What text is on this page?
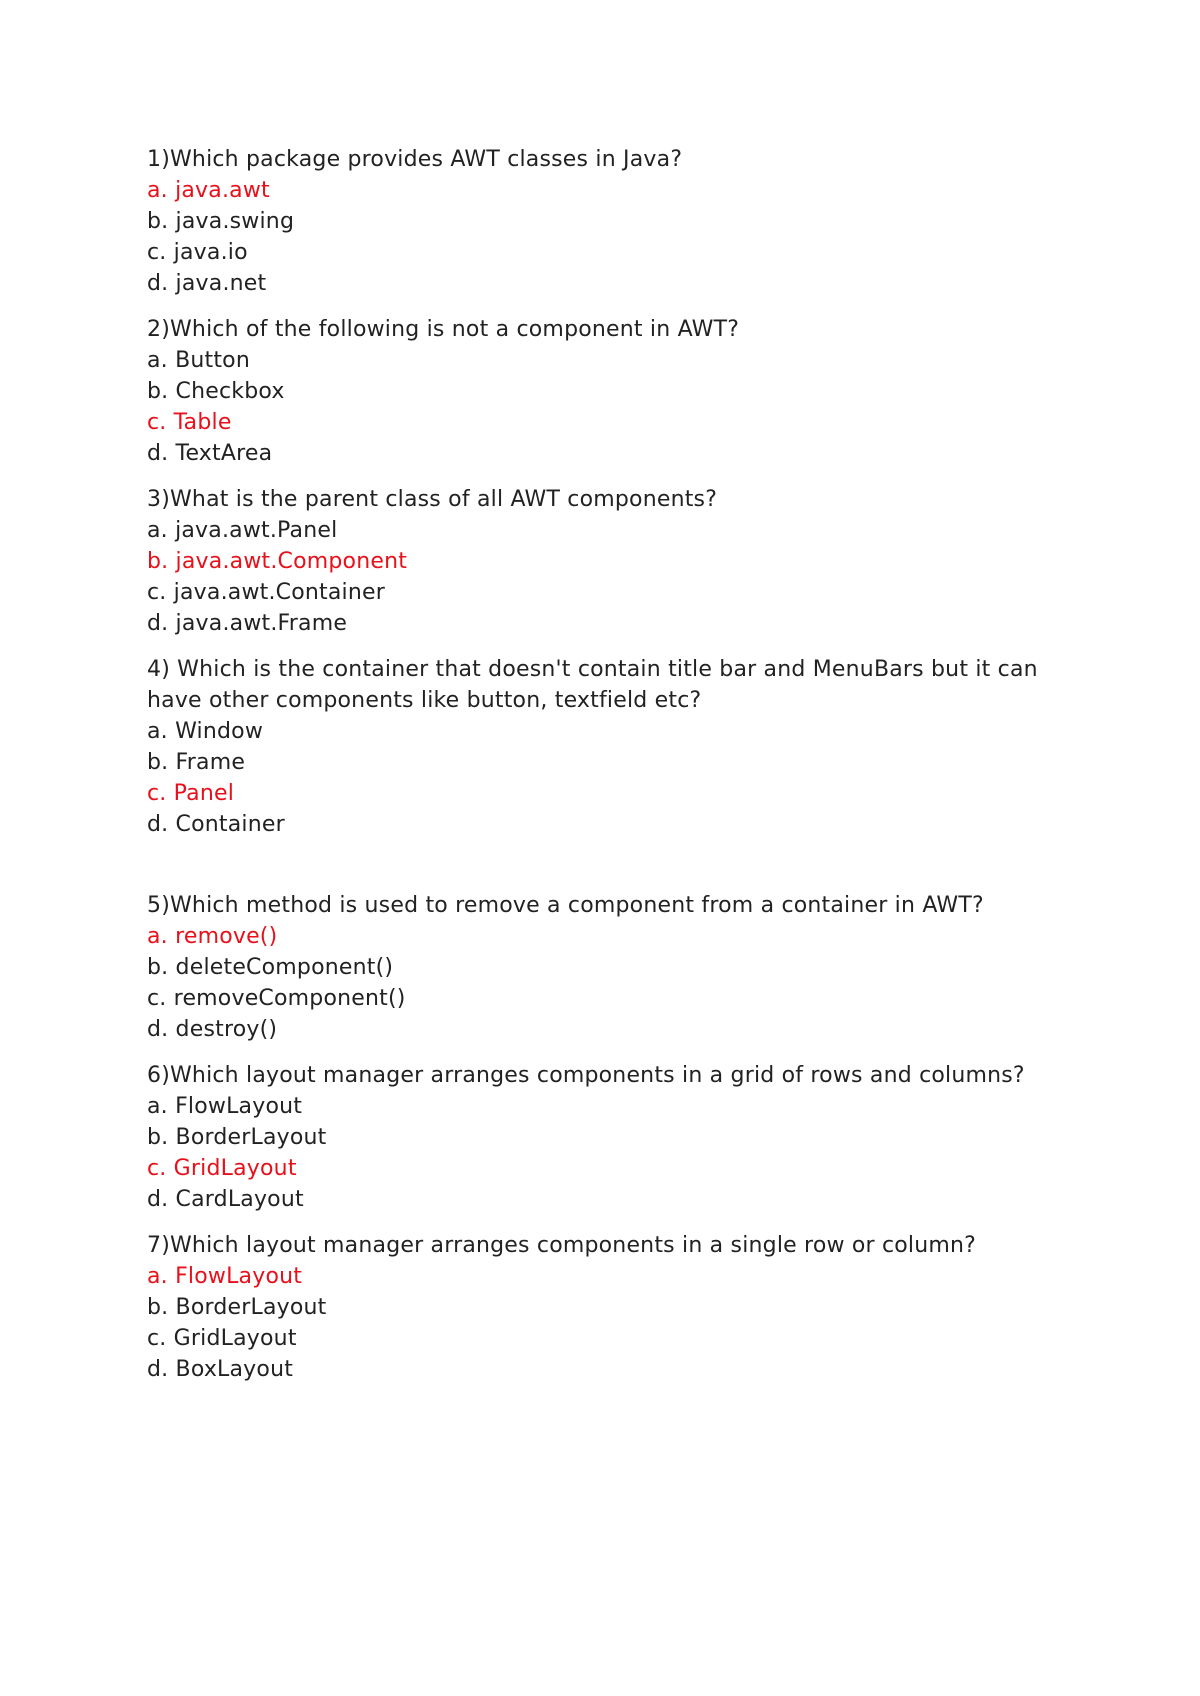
1)Which package provides AWT classes in Java?

a. java.awt

b. java.swing

c. java.io

d. java.net

2)Which of the following is not a component in AWT?

a. Button

b. Checkbox

c. Table

d. TextArea

3)What is the parent class of all AWT components?

a. java.awt.Panel

b. java.awt.Component

c. java.awt.Container

d. java.awt.Frame

4) Which is the container that doesn't contain title bar and MenuBars but it can have other components like button, textfield etc?

a. Window

b. Frame

c. Panel

d. Container

5)Which method is used to remove a component from a container in AWT?

a. remove()

b. deleteComponent()

c. removeComponent()

d. destroy()

6)Which layout manager arranges components in a grid of rows and columns?

a. FlowLayout

b. BorderLayout

c. GridLayout

d. CardLayout

7)Which layout manager arranges components in a single row or column?

a. FlowLayout

b. BorderLayout

c. GridLayout

d. BoxLayout
